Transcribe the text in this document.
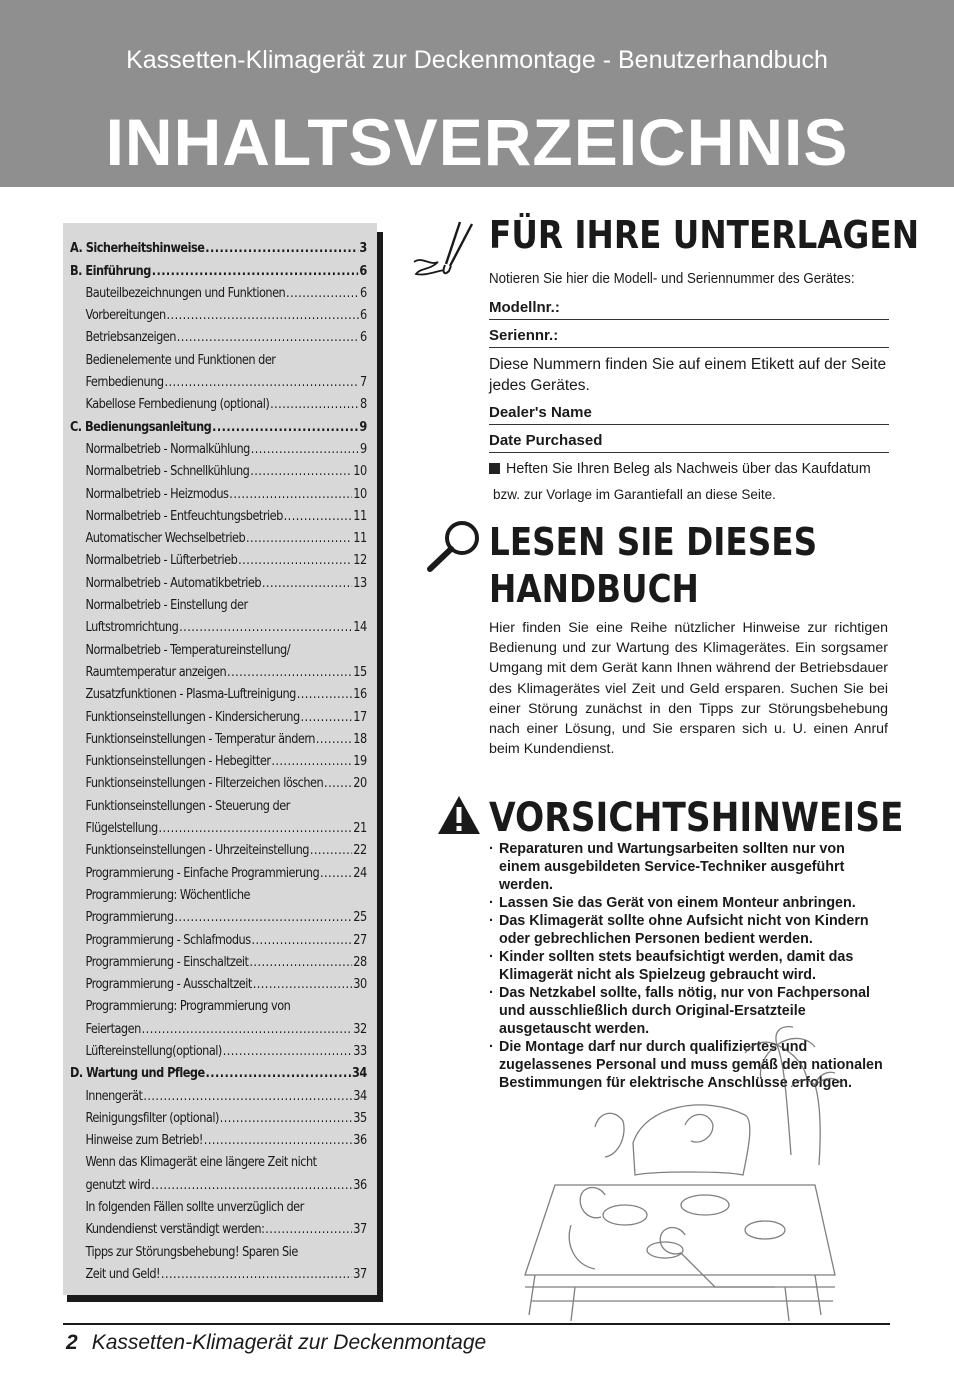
Kassetten-Klimagerät zur Deckenmontage - Benutzerhandbuch
INHALTSVERZEICHNIS
A. Sicherheitshinweise .....	3
B. Einführung .....	6
Bauteilbezeichnungen und Funktionen .....	6
Vorbereitungen .....	6
Betriebsanzeigen .....	6
Bedienelemente und Funktionen der
Fernbedienung .....	7
Kabellose Fernbedienung (optional) .....	8
C. Bedienungsanleitung .....	9
Normalbetrieb - Normalkühlung .....	9
Normalbetrieb - Schnellkühlung .....	10
Normalbetrieb - Heizmodus .....	10
Normalbetrieb - Entfeuchtungsbetrieb .....	11
Automatischer Wechselbetrieb .....	11
Normalbetrieb - Lüfterbetrieb .....	12
Normalbetrieb - Automatikbetrieb .....	13
Normalbetrieb - Einstellung der
Luftstromrichtung .....	14
Normalbetrieb - Temperatureinstellung/
Raumtemperatur anzeigen .....	15
Zusatzfunktionen - Plasma-Luftreinigung .....	16
Funktionseinstellungen - Kindersicherung .....	17
Funktionseinstellungen - Temperatur ändern .....	18
Funktionseinstellungen - Hebegitter .....	19
Funktionseinstellungen - Filterzeichen löschen ..... 20
Funktionseinstellungen - Steuerung der
Flügelstellung .....	21
Funktionseinstellungen - Uhrzeiteinstellung .....	22
Programmierung - Einfache Programmierung .....	24
Programmierung: Wöchentliche
Programmierung .....	25
Programmierung - Schlafmodus .....	27
Programmierung - Einschaltzeit .....	28
Programmierung - Ausschaltzeit .....	30
Programmierung: Programmierung von
Feiertagen .....	32
Lüftereinstellung(optional) .....	33
D. Wartung und Pflege .....	34
Innengerät .....	34
Reinigungsfilter (optional) .....	35
Hinweise zum Betrieb! .....	36
Wenn das Klimagerät eine längere Zeit nicht
genutzt wird .....	36
In folgenden Fällen sollte unverzüglich der
Kundendienst verständigt werden: .....	37
Tipps zur Störungsbehebung! Sparen Sie
Zeit und Geld! .....	37
FÜR IHRE UNTERLAGEN
Notieren Sie hier die Modell- und Seriennummer des Gerätes:
Modellnr.:
Seriennr.:
Diese Nummern finden Sie auf einem Etikett auf der Seite jedes Gerätes.
Dealer's Name
Date Purchased
Heften Sie Ihren Beleg als Nachweis über das Kaufdatum
bzw. zur Vorlage im Garantiefall an diese Seite.
LESEN SIE DIESES
HANDBUCH
Hier finden Sie eine Reihe nützlicher Hinweise zur richtigen Bedienung und zur Wartung des Klimagerätes. Ein sorgsamer Umgang mit dem Gerät kann Ihnen während der Betriebsdauer des Klimagerätes viel Zeit und Geld ersparen. Suchen Sie bei einer Störung zunächst in den Tipps zur Störungsbehebung nach einer Lösung, und Sie ersparen sich u. U. einen Anruf beim Kundendienst.
VORSICHTSHINWEISE
· Reparaturen und Wartungsarbeiten sollten nur von einem ausgebildeten Service-Techniker ausgeführt werden.
· Lassen Sie das Gerät von einem Monteur anbringen.
· Das Klimagerät sollte ohne Aufsicht nicht von Kindern oder gebrechlichen Personen bedient werden.
· Kinder sollten stets beaufsichtigt werden, damit das Klimagerät nicht als Spielzeug gebraucht wird.
· Das Netzkabel sollte, falls nötig, nur von Fachpersonal und ausschließlich durch Original-Ersatzteile ausgetauscht werden.
· Die Montage darf nur durch qualifiziertes und zugelassenes Personal und muss gemäß den nationalen Bestimmungen für elektrische Anschlüsse erfolgen.
2 Kassetten-Klimagerät zur Deckenmontage
